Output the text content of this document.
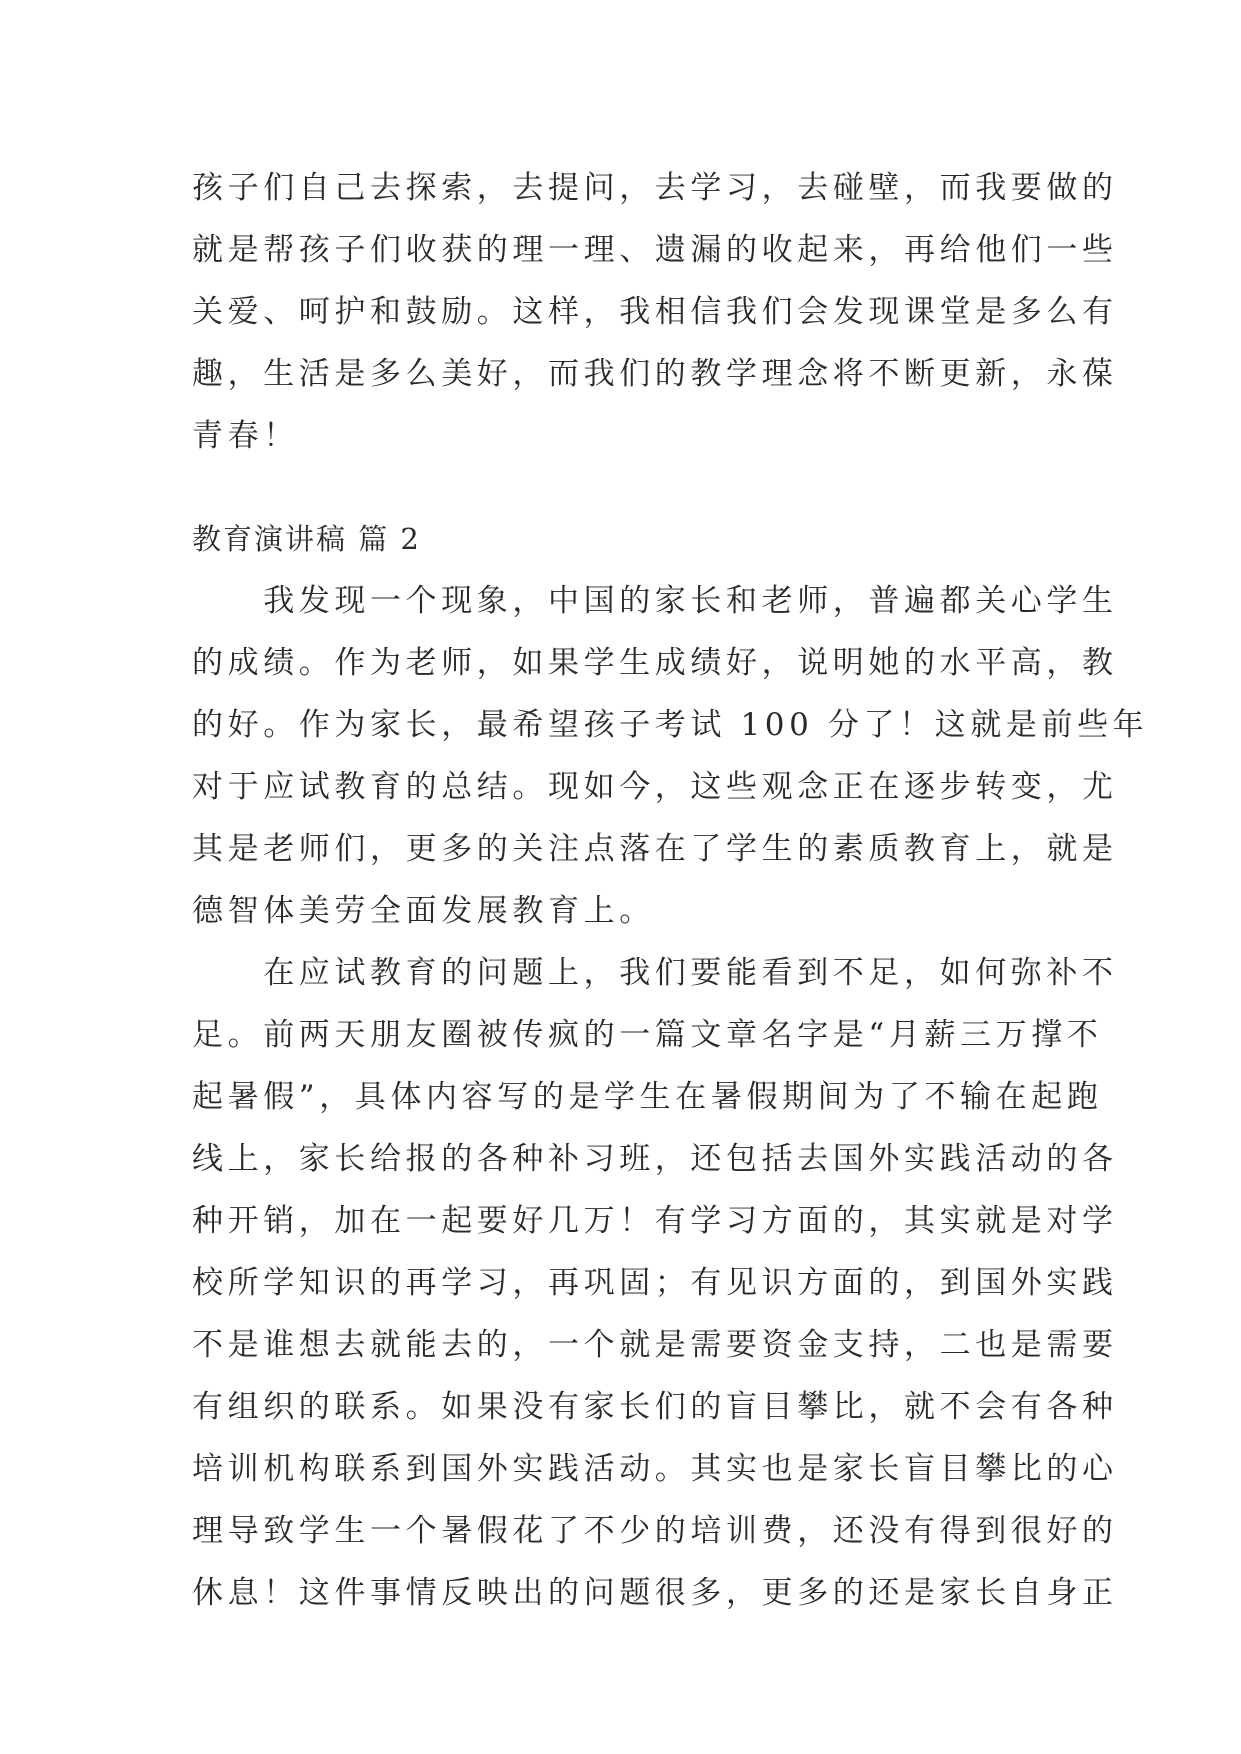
孩子们自己去探索，去提问，去学习，去碰壁，而我要做的
就是帮孩子们收获的理一理、遗漏的收起来，再给他们一些
关爱、呵护和鼓励。这样，我相信我们会发现课堂是多么有
趣，生活是多么美好，而我们的教学理念将不断更新，永葆
青春！
教育演讲稿 篇 2
　　我发现一个现象，中国的家长和老师，普遍都关心学生
的成绩。作为老师，如果学生成绩好，说明她的水平高，教
的好。作为家长，最希望孩子考试 100 分了！这就是前些年
对于应试教育的总结。现如今，这些观念正在逐步转变，尤
其是老师们，更多的关注点落在了学生的素质教育上，就是
德智体美劳全面发展教育上。
　　在应试教育的问题上，我们要能看到不足，如何弥补不
足。前两天朋友圈被传疯的一篇文章名字是“月薪三万撑不
起暑假”，具体内容写的是学生在暑假期间为了不输在起跑
线上，家长给报的各种补习班，还包括去国外实践活动的各
种开销，加在一起要好几万！有学习方面的，其实就是对学
校所学知识的再学习，再巩固；有见识方面的，到国外实践
不是谁想去就能去的，一个就是需要资金支持，二也是需要
有组织的联系。如果没有家长们的盲目攀比，就不会有各种
培训机构联系到国外实践活动。其实也是家长盲目攀比的心
理导致学生一个暑假花了不少的培训费，还没有得到很好的
休息！这件事情反映出的问题很多，更多的还是家长自身正
